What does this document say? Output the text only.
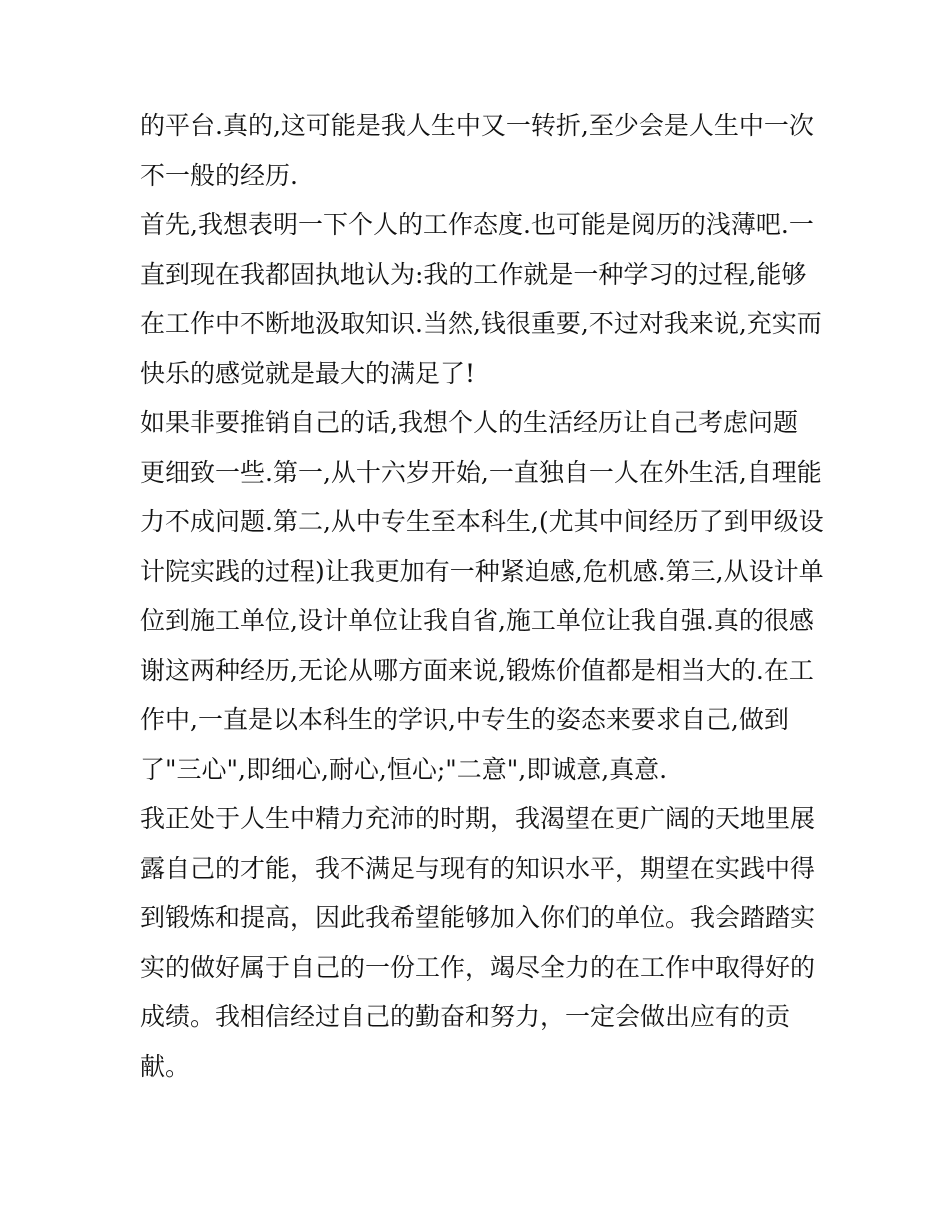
的平台.真的,这可能是我人生中又一转折,至少会是人生中一次
不一般的经历.
首先,我想表明一下个人的工作态度.也可能是阅历的浅薄吧.一
直到现在我都固执地认为:我的工作就是一种学习的过程,能够
在工作中不断地汲取知识.当然,钱很重要,不过对我来说,充实而
快乐的感觉就是最大的满足了!
如果非要推销自己的话,我想个人的生活经历让自己考虑问题
更细致一些.第一,从十六岁开始,一直独自一人在外生活,自理能
力不成问题.第二,从中专生至本科生,(尤其中间经历了到甲级设
计院实践的过程)让我更加有一种紧迫感,危机感.第三,从设计单
位到施工单位,设计单位让我自省,施工单位让我自强.真的很感
谢这两种经历,无论从哪方面来说,锻炼价值都是相当大的.在工
作中,一直是以本科生的学识,中专生的姿态来要求自己,做到
了"三心",即细心,耐心,恒心;"二意",即诚意,真意.
我正处于人生中精力充沛的时期，我渴望在更广阔的天地里展
露自己的才能，我不满足与现有的知识水平，期望在实践中得
到锻炼和提高，因此我希望能够加入你们的单位。我会踏踏实
实的做好属于自己的一份工作，竭尽全力的在工作中取得好的
成绩。我相信经过自己的勤奋和努力，一定会做出应有的贡
献。
